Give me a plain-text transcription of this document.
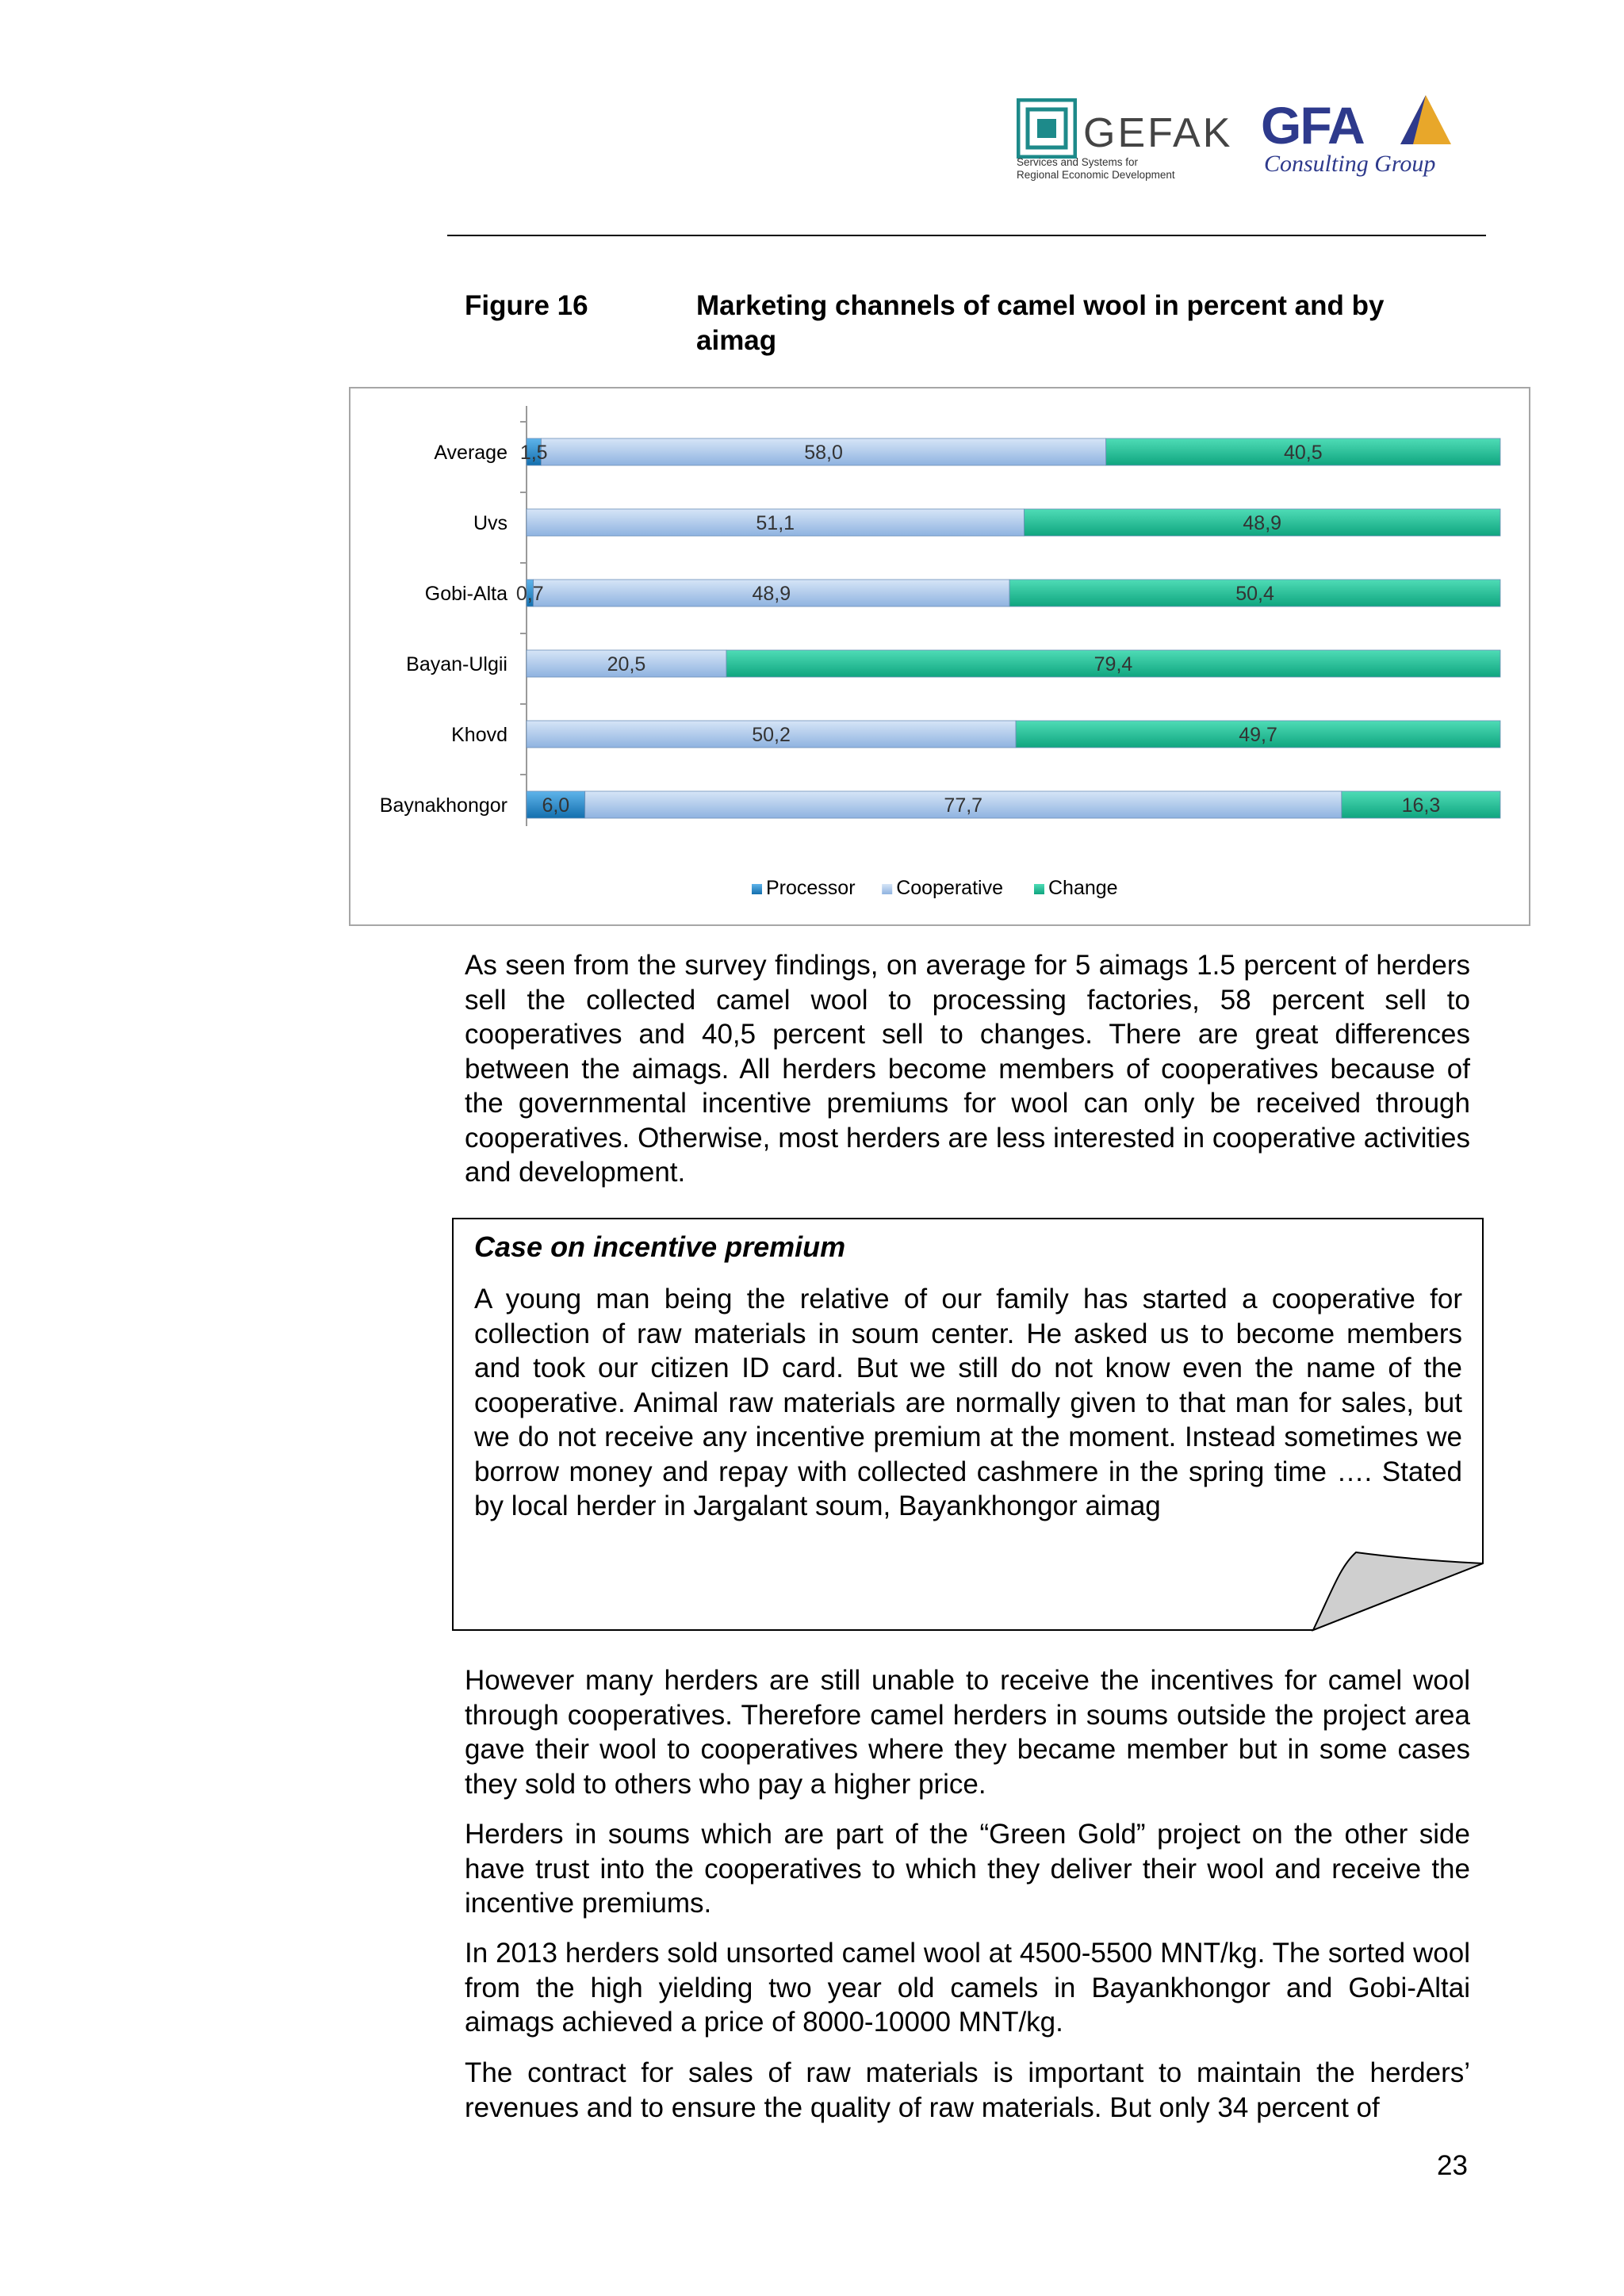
GEFAK
Services and Systems for
Regional Economic Development
GFA
Consulting Group
Figure 16	Marketing channels of camel wool in percent and by aimag
Average 1,5	58,0	40,5
Uvs	51,1	48,9
Gobi-Alta 0,7	48,9	50,4
Bayan-Ulgii	20,5	79,4
Khovd	50,2	49,7
Baynakhongor 6,0	77,7	16,3
Processor Cooperative Change
As seen from the survey findings, on average for 5 aimags 1.5 percent of herders sell the collected camel wool to processing factories, 58 percent sell to cooperatives and 40,5 percent sell to changes. There are great differences between the aimags. All herders become members of cooperatives because of the governmental incentive premiums for wool can only be received through cooperatives. Otherwise, most herders are less interested in cooperative activities and development.
Case on incentive premium
A young man being the relative of our family has started a cooperative for collection of raw materials in soum center. He asked us to become members and took our citizen ID card. But we still do not know even the name of the cooperative. Animal raw materials are normally given to that man for sales, but we do not receive any incentive premium at the moment. Instead sometimes we borrow money and repay with collected cashmere in the spring time …. Stated by local herder in Jargalant soum, Bayankhongor aimag
However many herders are still unable to receive the incentives for camel wool through cooperatives. Therefore camel herders in soums outside the project area gave their wool to cooperatives where they became member but in some cases they sold to others who pay a higher price.
Herders in soums which are part of the “Green Gold” project on the other side have trust into the cooperatives to which they deliver their wool and receive the incentive premiums.
In 2013 herders sold unsorted camel wool at 4500-5500 MNT/kg. The sorted wool from the high yielding two year old camels in Bayankhongor and Gobi-Altai aimags achieved a price of 8000-10000 MNT/kg.
The contract for sales of raw materials is important to maintain the herders’ revenues and to ensure the quality of raw materials. But only 34 percent of
23
